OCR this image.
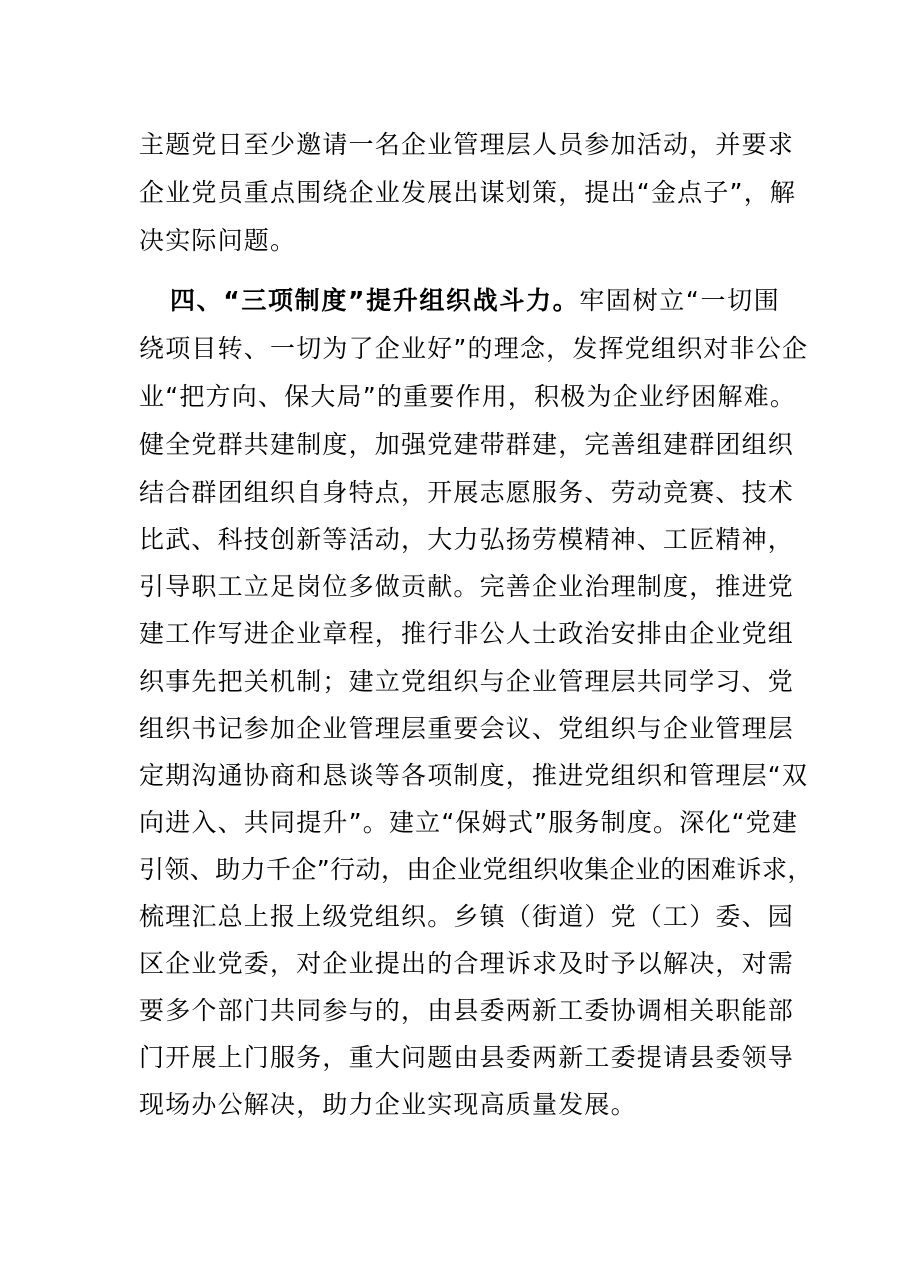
主题党日至少邀请一名企业管理层人员参加活动，并要求
企业党员重点围绕企业发展出谋划策，提出“金点子”，解
决实际问题。
四、“三项制度”提升组织战斗力。牢固树立“一切围
绕项目转、一切为了企业好”的理念，发挥党组织对非公企
业“把方向、保大局”的重要作用，积极为企业纾困解难。
健全党群共建制度，加强党建带群建，完善组建群团组织
结合群团组织自身特点，开展志愿服务、劳动竞赛、技术
比武、科技创新等活动，大力弘扬劳模精神、工匠精神，
引导职工立足岗位多做贡献。完善企业治理制度，推进党
建工作写进企业章程，推行非公人士政治安排由企业党组
织事先把关机制；建立党组织与企业管理层共同学习、党
组织书记参加企业管理层重要会议、党组织与企业管理层
定期沟通协商和恳谈等各项制度，推进党组织和管理层“双
向进入、共同提升”。建立“保姆式”服务制度。深化“党建
引领、助力千企”行动，由企业党组织收集企业的困难诉求，
梳理汇总上报上级党组织。乡镇（街道）党（工）委、园
区企业党委，对企业提出的合理诉求及时予以解决，对需
要多个部门共同参与的，由县委两新工委协调相关职能部
门开展上门服务，重大问题由县委两新工委提请县委领导
现场办公解决，助力企业实现高质量发展。
